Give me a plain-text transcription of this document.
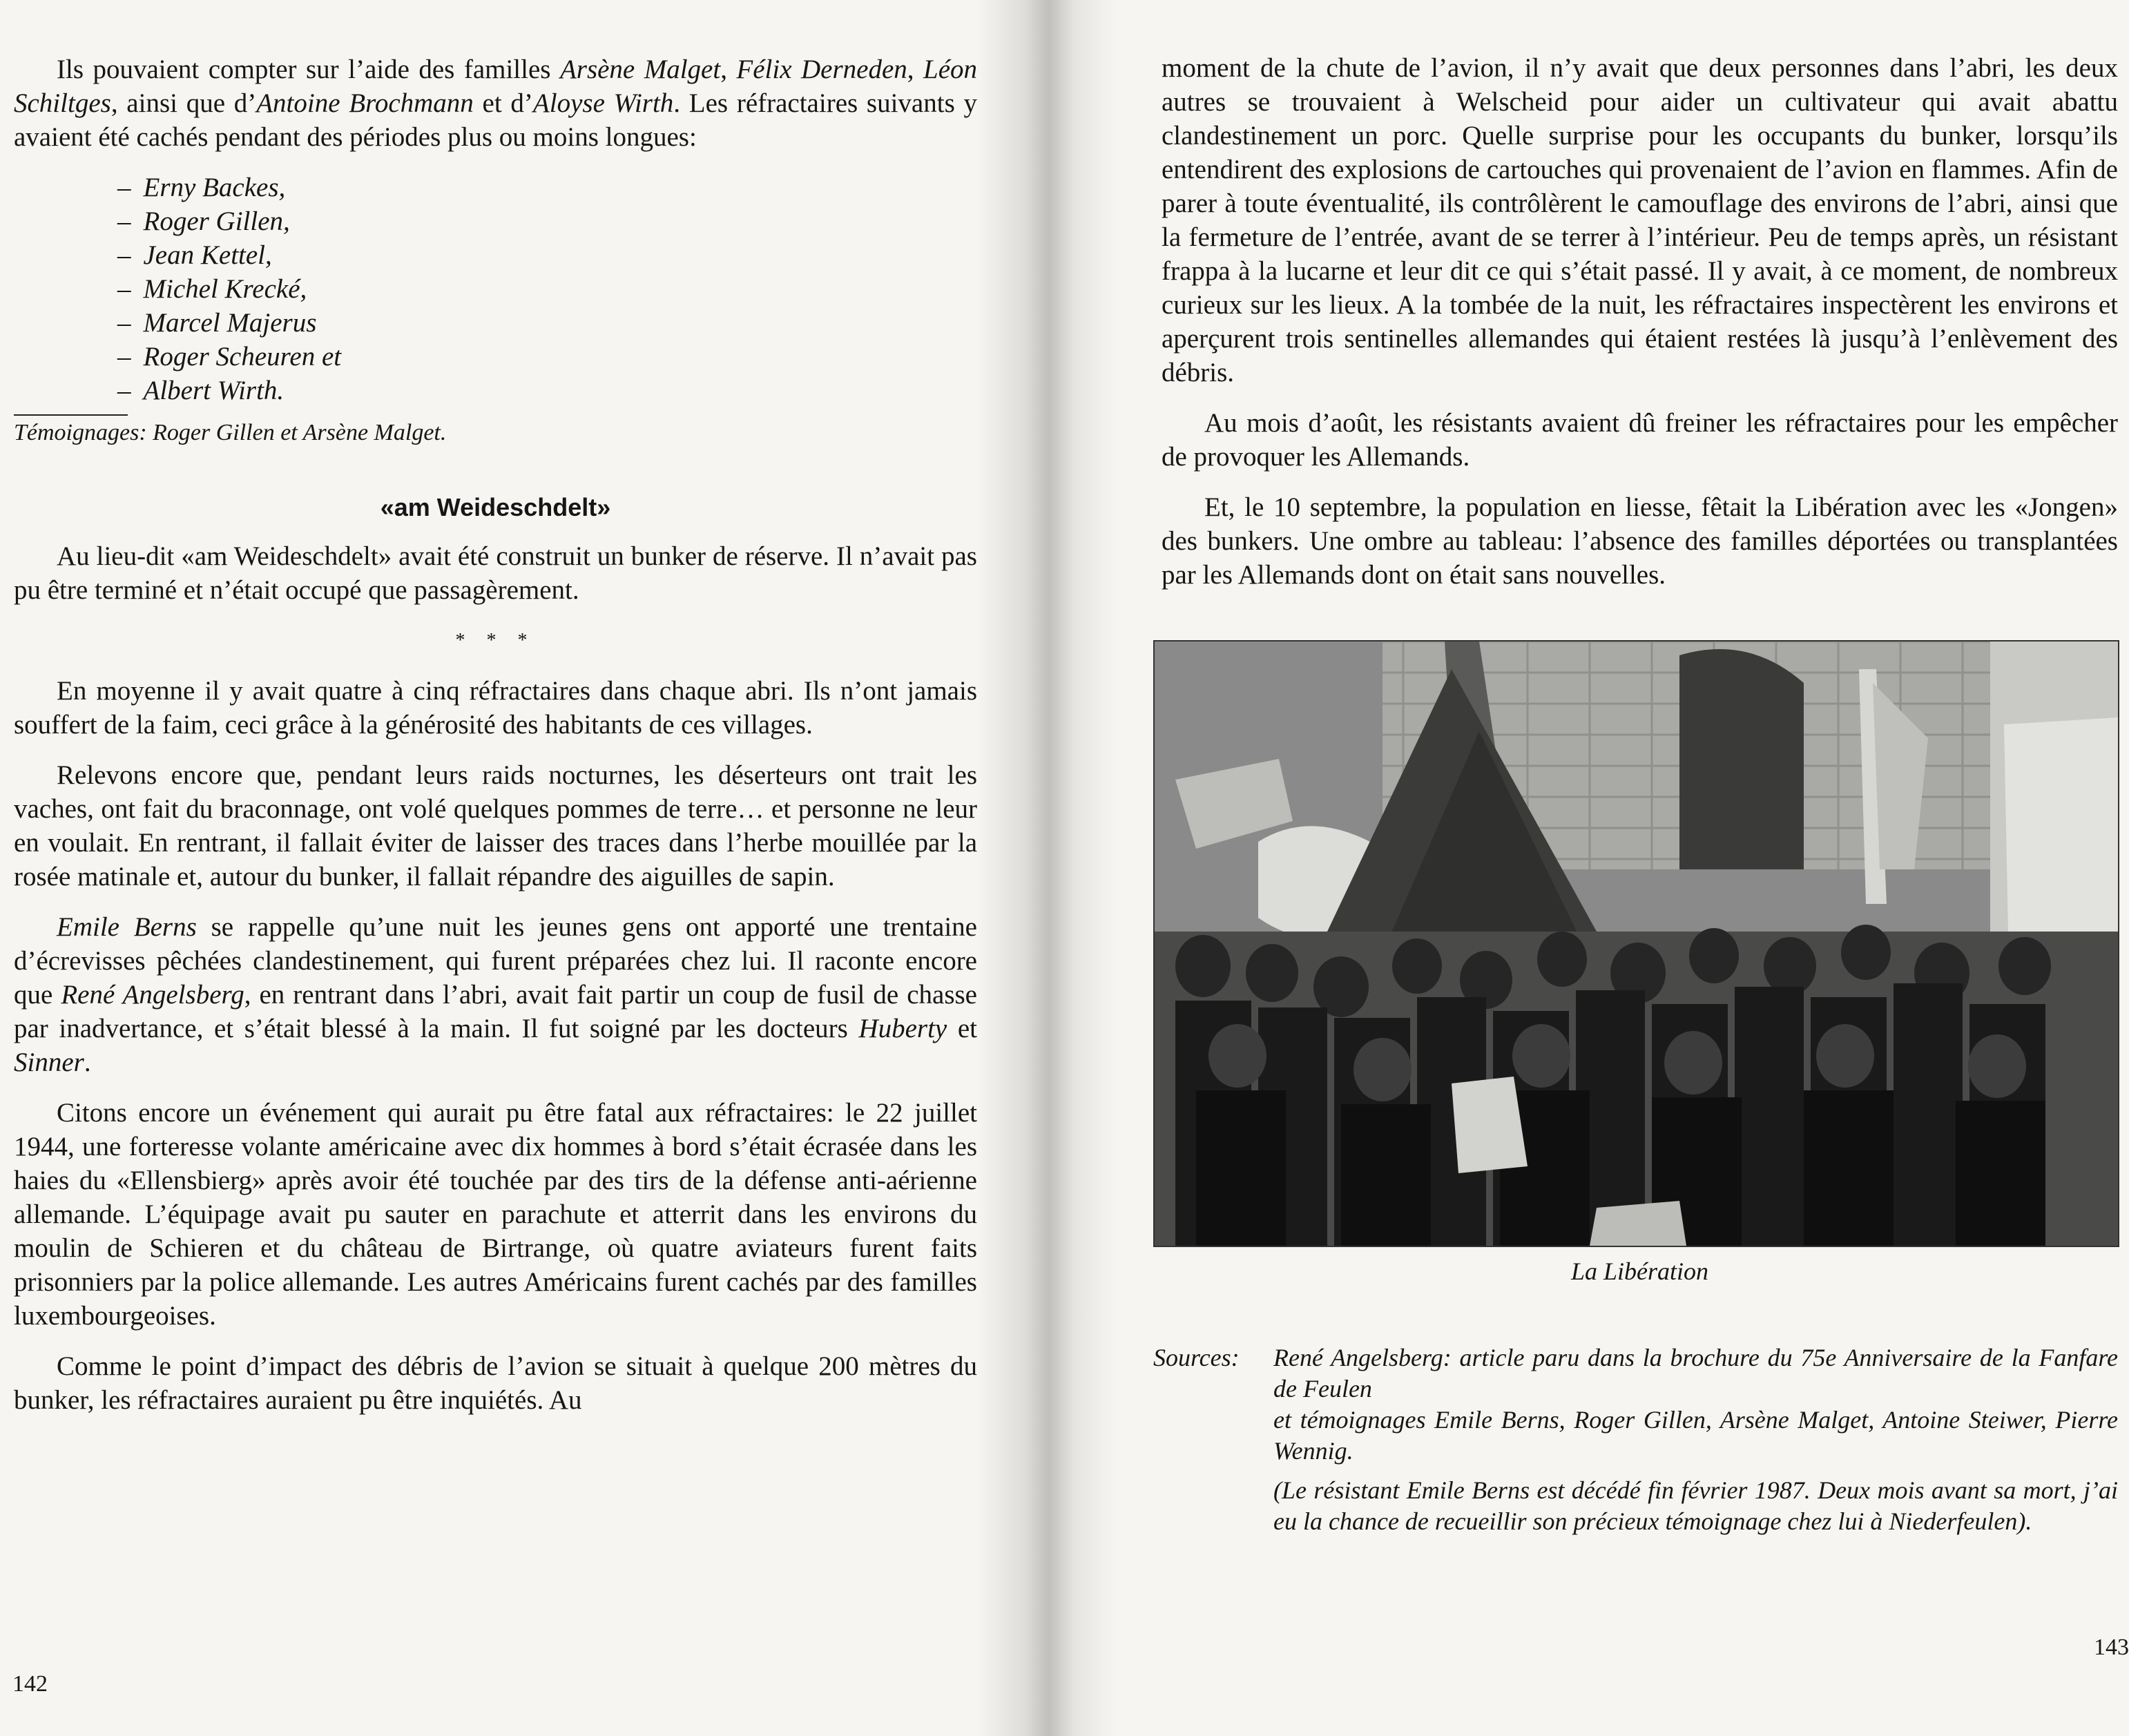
Ils pouvaient compter sur l’aide des familles Arsène Malget, Félix Derneden, Léon Schiltges, ainsi que d’Antoine Brochmann et d’Aloyse Wirth. Les réfractaires suivants y avaient été cachés pendant des périodes plus ou moins longues:

– Erny Backes,
– Roger Gillen,
– Jean Kettel,
– Michel Krecké,
– Marcel Majerus
– Roger Scheuren et
– Albert Wirth.
Témoignages: Roger Gillen et Arsène Malget.
«am Weideschdelt»

Au lieu-dit «am Weideschdelt» avait été construit un bunker de réserve. Il n’avait pas pu être terminé et n’était occupé que passagèrement.

* * *

En moyenne il y avait quatre à cinq réfractaires dans chaque abri. Ils n’ont jamais souffert de la faim, ceci grâce à la générosité des habitants de ces villages.

Relevons encore que, pendant leurs raids nocturnes, les déserteurs ont trait les vaches, ont fait du braconnage, ont volé quelques pommes de terre… et personne ne leur en voulait. En rentrant, il fallait éviter de laisser des traces dans l’herbe mouillée par la rosée matinale et, autour du bunker, il fallait répandre des aiguilles de sapin.

Emile Berns se rappelle qu’une nuit les jeunes gens ont apporté une trentaine d’écrevisses pêchées clandestinement, qui furent préparées chez lui. Il raconte encore que René Angelsberg, en rentrant dans l’abri, avait fait partir un coup de fusil de chasse par inadvertance, et s’était blessé à la main. Il fut soigné par les docteurs Huberty et Sinner.

Citons encore un événement qui aurait pu être fatal aux réfractaires: le 22 juillet 1944, une forteresse volante américaine avec dix hommes à bord s’était écrasée dans les haies du «Ellensbierg» après avoir été touchée par des tirs de la défense anti-aérienne allemande. L’équipage avait pu sauter en parachute et atterrit dans les environs du moulin de Schieren et du château de Birtrange, où quatre aviateurs furent faits prisonniers par la police allemande. Les autres Américains furent cachés par des familles luxembourgeoises.

Comme le point d’impact des débris de l’avion se situait à quelque 200 mètres du bunker, les réfractaires auraient pu être inquiétés. Au

142

moment de la chute de l’avion, il n’y avait que deux personnes dans l’abri, les deux autres se trouvaient à Welscheid pour aider un cultivateur qui avait abattu clandestinement un porc. Quelle surprise pour les occupants du bunker, lorsqu’ils entendirent des explosions de cartouches qui provenaient de l’avion en flammes. Afin de parer à toute éventualité, ils contrôlèrent le camouflage des environs de l’abri, ainsi que la fermeture de l’entrée, avant de se terrer à l’intérieur. Peu de temps après, un résistant frappa à la lucarne et leur dit ce qui s’était passé. Il y avait, à ce moment, de nombreux curieux sur les lieux. A la tombée de la nuit, les réfractaires inspectèrent les environs et aperçurent trois sentinelles allemandes qui étaient restées là jusqu’à l’enlèvement des débris.

Au mois d’août, les résistants avaient dû freiner les réfractaires pour les empêcher de provoquer les Allemands.

Et, le 10 septembre, la population en liesse, fêtait la Libération avec les «Jongen» des bunkers. Une ombre au tableau: l’absence des familles déportées ou transplantées par les Allemands dont on était sans nouvelles.

La Libération
Sources: René Angelsberg: article paru dans la brochure du 75e Anniversaire de la Fanfare de Feulen
et témoignages Emile Berns, Roger Gillen, Arsène Malget, Antoine Steiwer, Pierre Wennig.
(Le résistant Emile Berns est décédé fin février 1987. Deux mois avant sa mort, j’ai eu la chance de recueillir son précieux témoignage chez lui à Niederfeulen).
143
